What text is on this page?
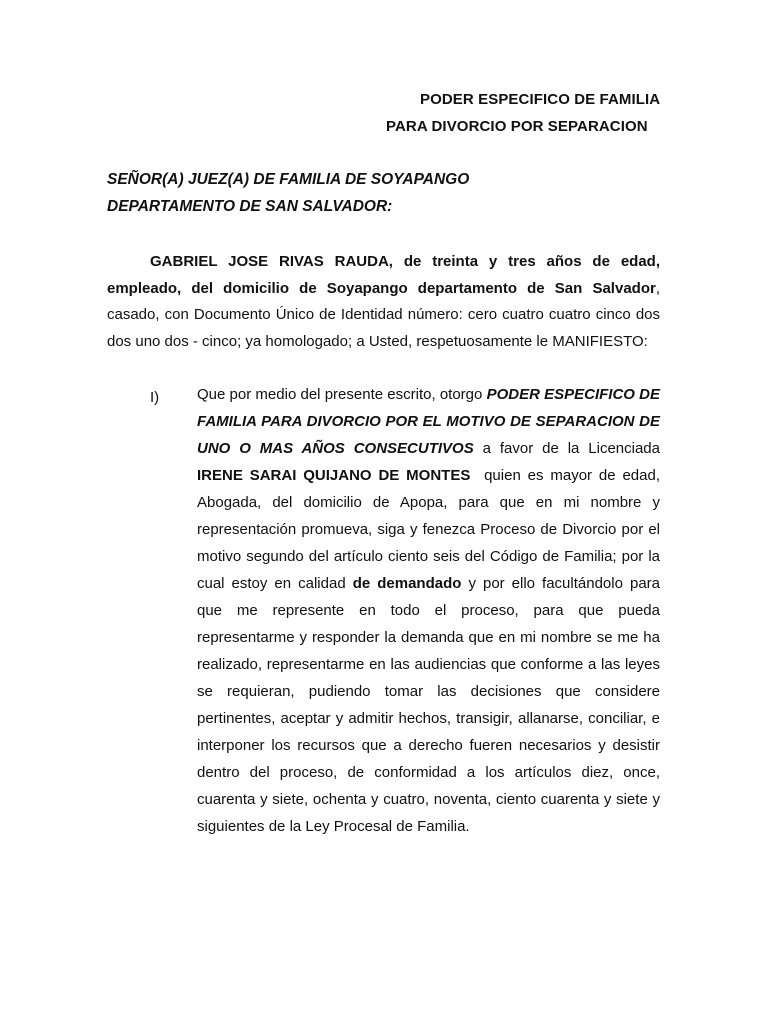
PODER ESPECIFICO DE FAMILIA
PARA DIVORCIO POR SEPARACION
SEÑOR(A) JUEZ(A) DE FAMILIA DE SOYAPANGO
DEPARTAMENTO DE SAN SALVADOR:

GABRIEL JOSE RIVAS RAUDA, de treinta y tres años de edad, empleado, del domicilio de Soyapango departamento de San Salvador, casado, con Documento Único de Identidad número: cero cuatro cuatro cinco dos dos uno dos - cinco; ya homologado; a Usted, respetuosamente le MANIFIESTO:

I)	Que por medio del presente escrito, otorgo PODER ESPECIFICO DE FAMILIA PARA DIVORCIO POR EL MOTIVO DE SEPARACION DE UNO O MAS AÑOS CONSECUTIVOS a favor de la Licenciada IRENE SARAI QUIJANO DE MONTES  quien es mayor de edad, Abogada, del domicilio de Apopa, para que en mi nombre y representación promueva, siga y fenezca Proceso de Divorcio por el motivo segundo del artículo ciento seis del Código de Familia; por la cual estoy en calidad de demandado y por ello facultándolo para que me represente en todo el proceso, para que pueda representarme y responder la demanda que en mi nombre se me ha realizado, representarme en las audiencias que conforme a las leyes se requieran, pudiendo tomar las decisiones que considere pertinentes, aceptar y admitir hechos, transigir, allanarse, conciliar, e interponer los recursos que a derecho fueren necesarios y desistir dentro del proceso, de conformidad a los artículos diez, once, cuarenta y siete, ochenta y cuatro, noventa, ciento cuarenta y siete y siguientes de la Ley Procesal de Familia.
